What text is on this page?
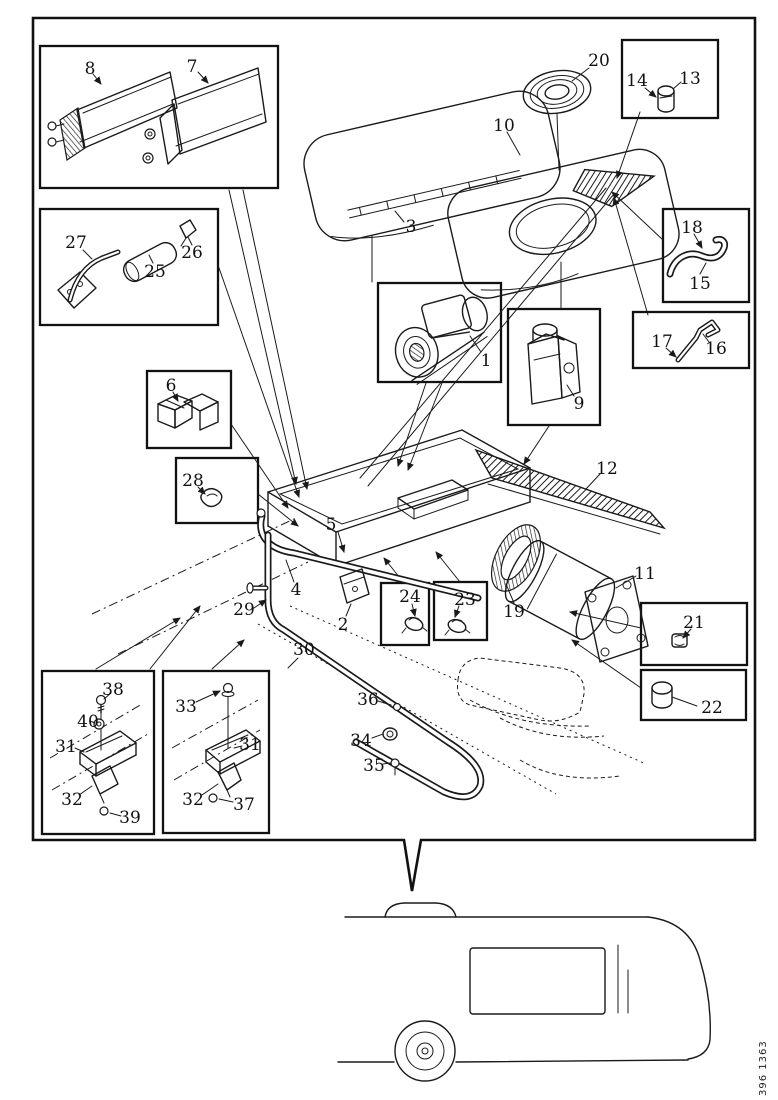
8	7
27
25
26
6
28
3
10
20
14 13
18
15
17 16
1
9
12
11
19
21
22
24 23
5
4
2
29
30
36
34
35
38
40
31
32
39
33
31
32 37
396 1363
